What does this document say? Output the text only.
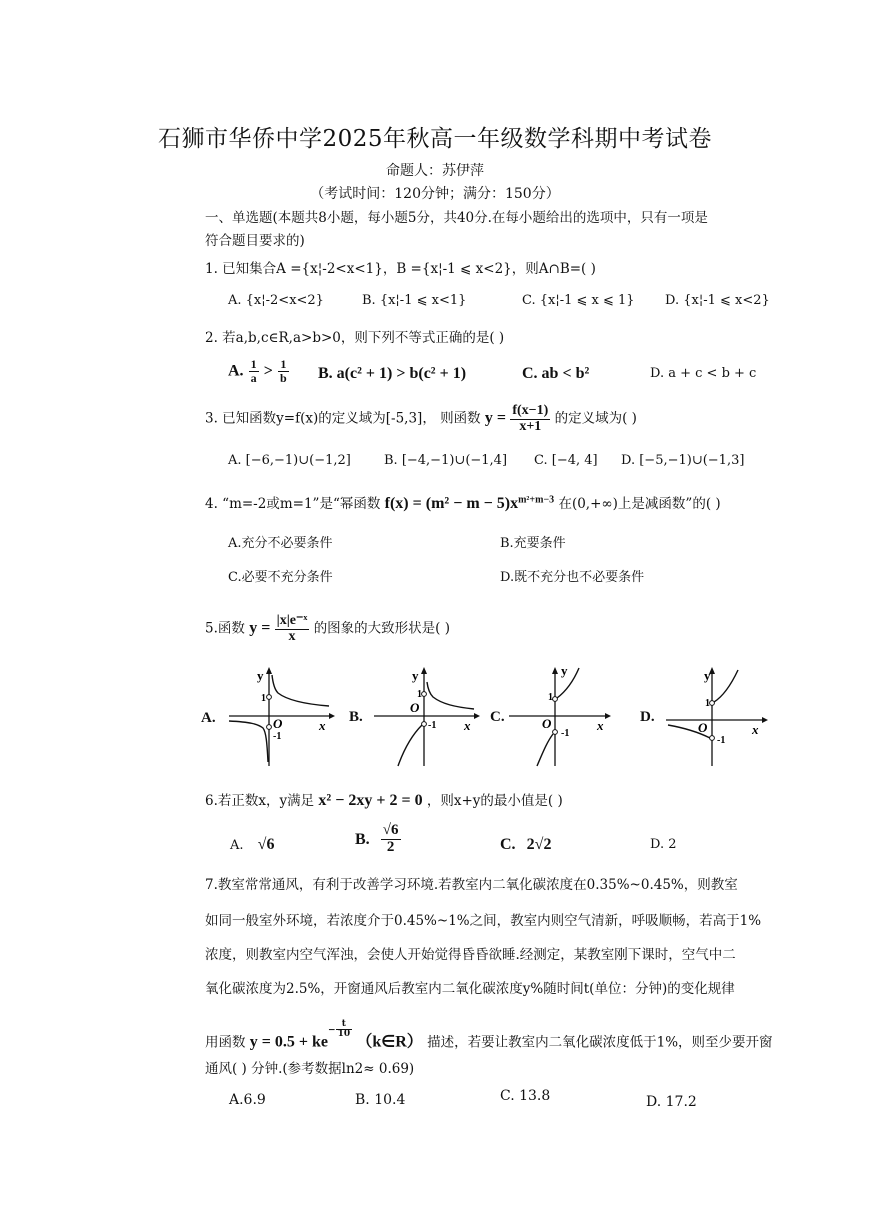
石狮市华侨中学2025年秋高一年级数学科期中考试卷
命题人：苏伊萍
（考试时间：120分钟；满分：150分）
一、单选题(本题共8小题，每小题5分，共40分.在每小题给出的选项中，只有一项是
符合题目要求的)
1. 已知集合A ={x¦-2<x<1}，B ={x¦-1 ⩽ x<2}，则A∩B=( )
A. {x¦-2<x<2}	B. {x¦-1 ⩽ x<1}	C. {x¦-1 ⩽ x ⩽ 1} D. {x¦-1 ⩽ x<2}
2. 若a,b,c∈R,a>b>0，则下列不等式正确的是( )
A. $\frac{1}{a} > \frac{1}{b} B$. a(c² + 1) > b(c² + 1)	C. ab < b²	D. a + c < b + c
3. 已知函数y=f(x)的定义域为[-5,3]， 则函数 $y = \frac{f(x-1)}{x+1}$ 的定义域为( )
A. [−6,−1)∪(−1,2]	B. [−4,−1)∪(−1,4] C. [−4, 4] D. [−5,−1)∪(−1,3]
4. “m=-2或m=1”是“幂函数 $f(x) = (m^2 - m - 5)x^{m^2+m-3}$ 在(0,+∞)上是减函数”的( )
A.充分不必要条件	B.充要条件
C.必要不充分条件	D.既不充分也不必要条件
5.函数 $y = \frac{\text{|x|e⁻ˣ}}{x}$ 的图象的大致形状是( )
A.	B.	C.	D.
y
x
O
1
-1
y
x
O
1
-1
y
x
O
1
-1
y
x
O
1
-1
6.若正数x，y满足 x² − 2xy + 2 = 0 ，则x+y的最小值是( )
A. √6	B. $\frac{√6}{2}$	C. 2√2	D. 2
7.教室常常通风，有利于改善学习环境.若教室内二氧化碳浓度在0.35%~0.45%，则教室
如同一般室外环境，若浓度介于0.45%~1%之间，教室内则空气清新，呼吸顺畅，若高于1%
浓度，则教室内空气浑浊，会使人开始觉得昏昏欲睡.经测定，某教室刚下课时，空气中二
氧化碳浓度为2.5%，开窗通风后教室内二氧化碳浓度y%随时间t(单位：分钟)的变化规律
用函数 $y = 0.5 + ke- \frac{t}{10}$
（k∈R） 描述，若要让教室内二氧化碳浓度低于1%，则至少要开窗
通风( ) 分钟.(参考数据ln2≈ 0.69)
A.6.9	B. 10.4	C. 13.8	D. 17.2
